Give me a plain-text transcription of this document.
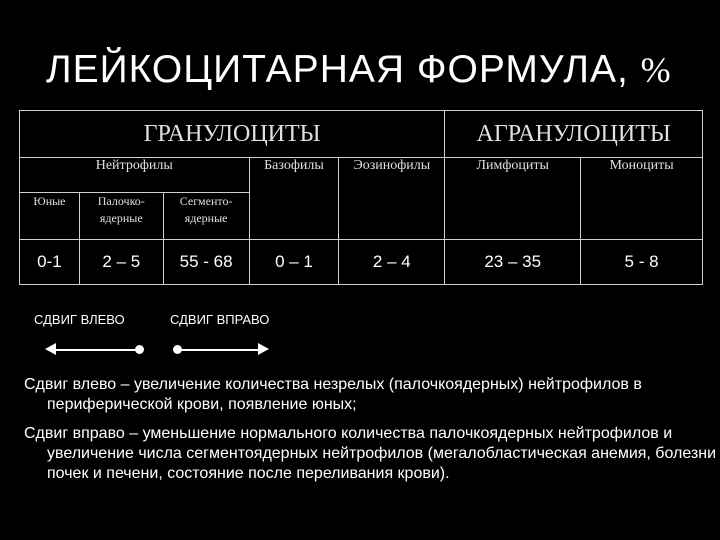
ЛЕЙКОЦИТАРНАЯ ФОРМУЛА, %
ГРАНУЛОЦИТЫ					АГРАНУЛОЦИТЫ	
Нейтрофилы			Базофилы	Эозинофилы	Лимфоциты	Моноциты
Юные	Палочко-ядерные	Сегменто-ядерные				
0-1	2 – 5	55 - 68	0 – 1	2 – 4	23 – 35	5 - 8
СДВИГ ВЛЕВО	СДВИГ ВПРАВО

Сдвиг влево – увеличение количества незрелых (палочкоядерных) нейтрофилов в периферической крови, появление юных;

Сдвиг вправо – уменьшение нормального количества палочкоядерных нейтрофилов и увеличение числа сегментоядерных нейтрофилов (мегалобластическая анемия, болезни почек и печени, состояние после переливания крови).
